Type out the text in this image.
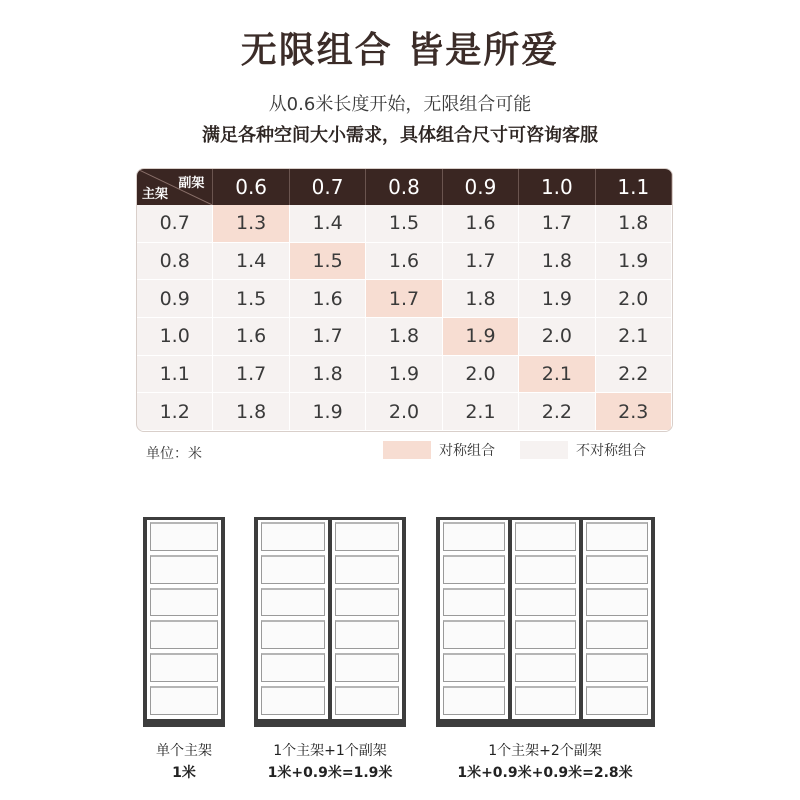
无限组合 皆是所爱
从0.6米长度开始，无限组合可能
满足各种空间大小需求，具体组合尺寸可咨询客服
副架
主架	0.6	0.7	0.8	0.9	1.0	1.1
0.7	1.3	1.4	1.5	1.6	1.7	1.8
0.8	1.4	1.5	1.6	1.7	1.8	1.9
0.9	1.5	1.6	1.7	1.8	1.9	2.0
1.0	1.6	1.7	1.8	1.9	2.0	2.1
1.1	1.7	1.8	1.9	2.0	2.1	2.2
1.2	1.8	1.9	2.0	2.1	2.2	2.3
单位：米	对称组合	不对称组合
单个主架
1米
1个主架+1个副架
1米+0.9米=1.9米
1个主架+2个副架
1米+0.9米+0.9米=2.8米
